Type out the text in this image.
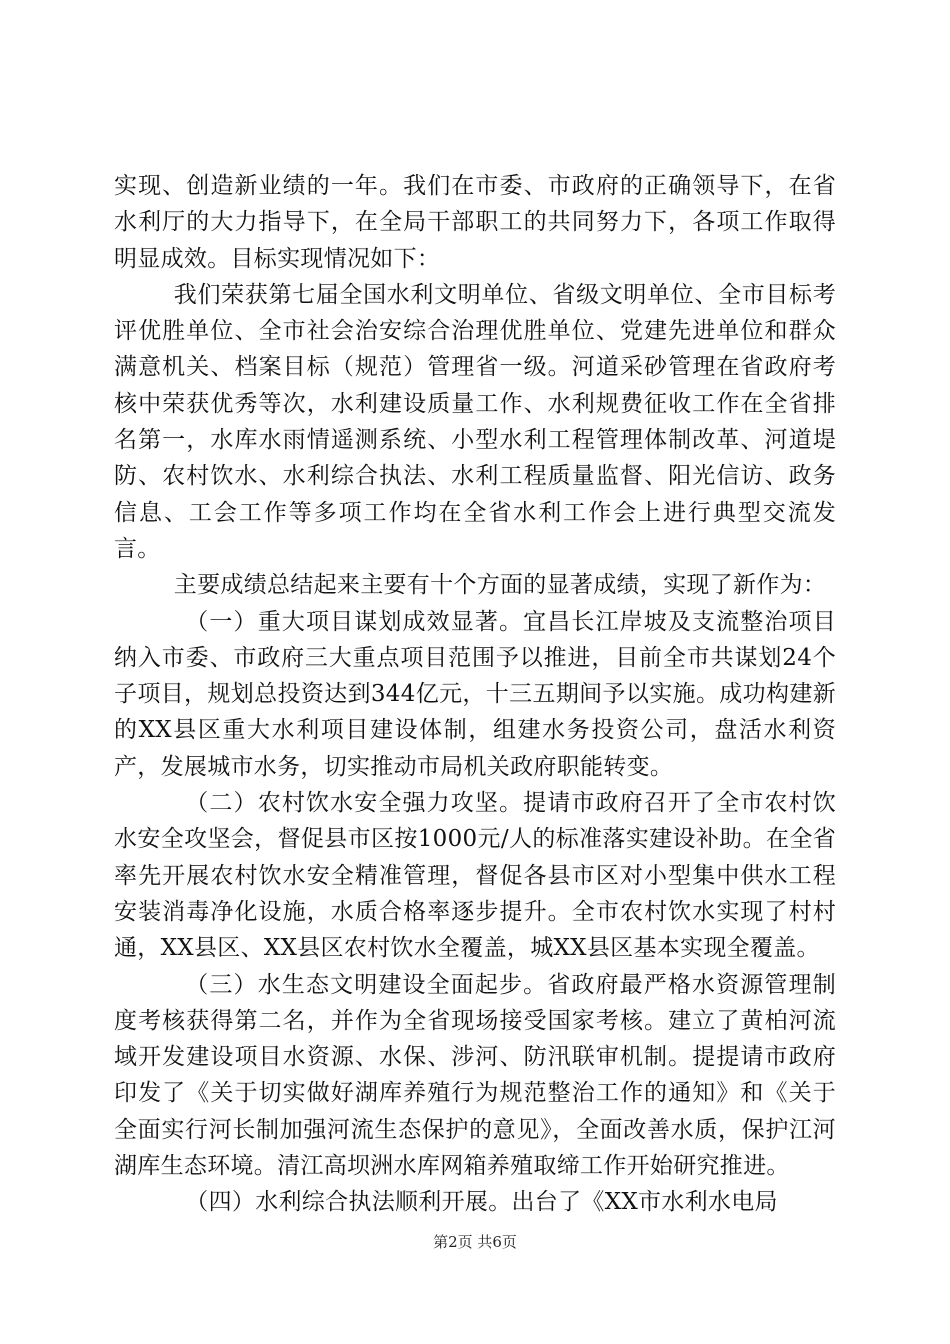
实现、创造新业绩的一年。我们在市委、市政府的正确领导下，在省水利厅的大力指导下，在全局干部职工的共同努力下，各项工作取得明显成效。目标实现情况如下：

我们荣获第七届全国水利文明单位、省级文明单位、全市目标考评优胜单位、全市社会治安综合治理优胜单位、党建先进单位和群众满意机关、档案目标（规范）管理省一级。河道采砂管理在省政府考核中荣获优秀等次，水利建设质量工作、水利规费征收工作在全省排名第一，水库水雨情遥测系统、小型水利工程管理体制改革、河道堤防、农村饮水、水利综合执法、水利工程质量监督、阳光信访、政务信息、工会工作等多项工作均在全省水利工作会上进行典型交流发言。

主要成绩总结起来主要有十个方面的显著成绩，实现了新作为：

（一）重大项目谋划成效显著。宜昌长江岸坡及支流整治项目纳入市委、市政府三大重点项目范围予以推进，目前全市共谋划24个子项目，规划总投资达到344亿元，十三五期间予以实施。成功构建新的XX县区重大水利项目建设体制，组建水务投资公司，盘活水利资产，发展城市水务，切实推动市局机关政府职能转变。

（二）农村饮水安全强力攻坚。提请市政府召开了全市农村饮水安全攻坚会，督促县市区按1000元/人的标准落实建设补助。在全省率先开展农村饮水安全精准管理，督促各县市区对小型集中供水工程安装消毒净化设施，水质合格率逐步提升。全市农村饮水实现了村村通，XX县区、XX县区农村饮水全覆盖，城XX县区基本实现全覆盖。

（三）水生态文明建设全面起步。省政府最严格水资源管理制度考核获得第二名，并作为全省现场接受国家考核。建立了黄柏河流域开发建设项目水资源、水保、涉河、防汛联审机制。提提请市政府印发了《关于切实做好湖库养殖行为规范整治工作的通知》和《关于全面实行河长制加强河流生态保护的意见》，全面改善水质，保护江河湖库生态环境。清江高坝洲水库网箱养殖取缔工作开始研究推进。

（四）水利综合执法顺利开展。出台了《XX市水利水电局

第2页 共6页
